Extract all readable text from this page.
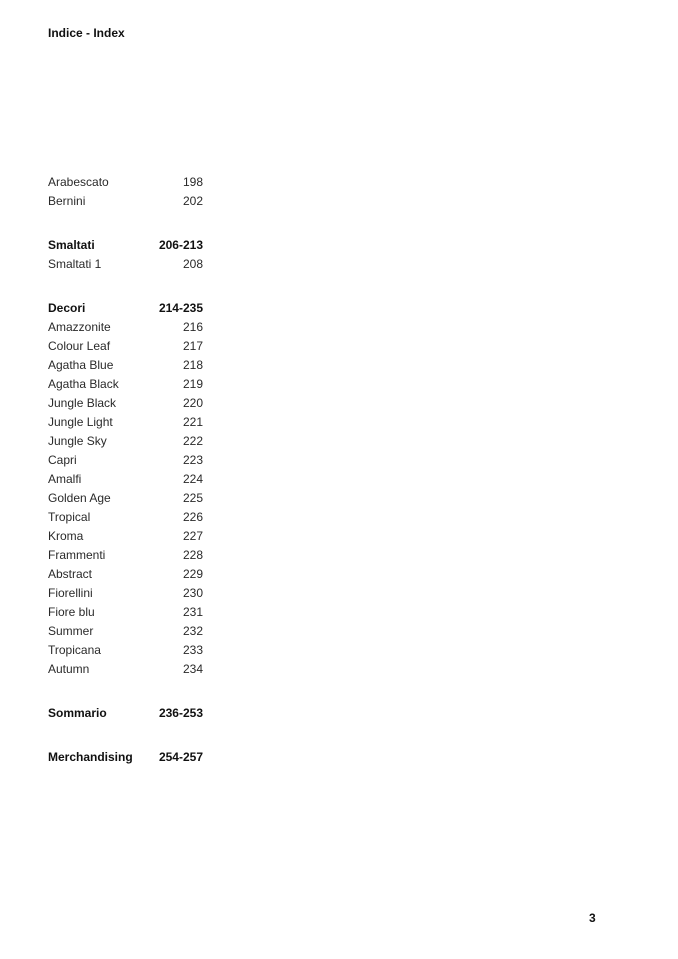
Indice - Index
Arabescato	198
Bernini	202
Smaltati	206-213
Smaltati 1	208
Decori	214-235
Amazzonite	216
Colour Leaf	217
Agatha Blue	218
Agatha Black	219
Jungle Black	220
Jungle Light	221
Jungle Sky	222
Capri	223
Amalfi	224
Golden Age	225
Tropical	226
Kroma	227
Frammenti	228
Abstract	229
Fiorellini	230
Fiore blu	231
Summer	232
Tropicana	233
Autumn	234
Sommario	236-253
Merchandising 254-257
3
